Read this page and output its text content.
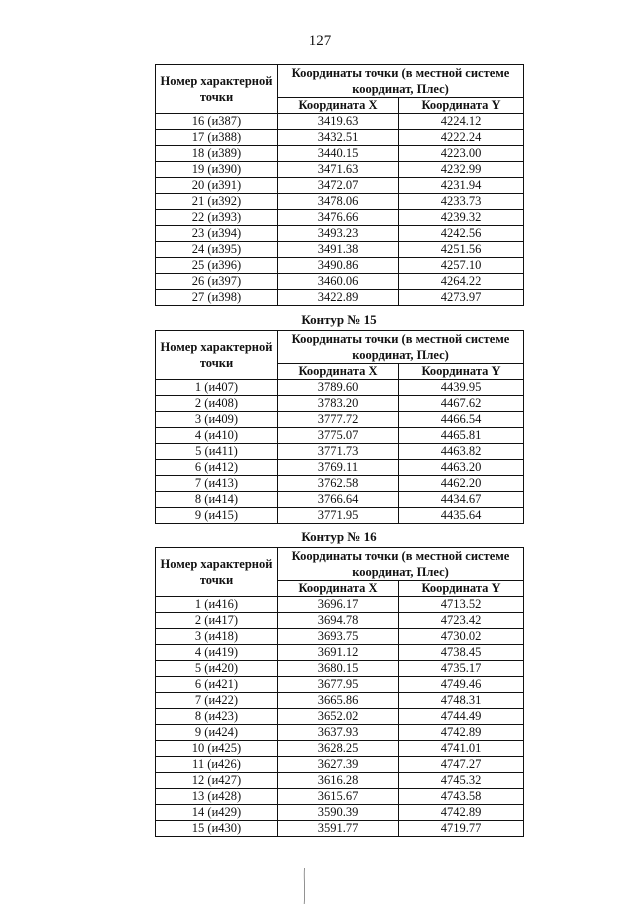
127
Номер характерной точки	Координаты точки (в местной системе координат, Плес)	
	Координата X	Координата Y
16 (и387)	3419.63	4224.12
17 (и388)	3432.51	4222.24
18 (и389)	3440.15	4223.00
19 (и390)	3471.63	4232.99
20 (и391)	3472.07	4231.94
21 (и392)	3478.06	4233.73
22 (и393)	3476.66	4239.32
23 (и394)	3493.23	4242.56
24 (и395)	3491.38	4251.56
25 (и396)	3490.86	4257.10
26 (и397)	3460.06	4264.22
27 (и398)	3422.89	4273.97
Контур № 15
Номер характерной точки	Координаты точки (в местной системе координат, Плес)	
	Координата X	Координата Y
1 (и407)	3789.60	4439.95
2 (и408)	3783.20	4467.62
3 (и409)	3777.72	4466.54
4 (и410)	3775.07	4465.81
5 (и411)	3771.73	4463.82
6 (и412)	3769.11	4463.20
7 (и413)	3762.58	4462.20
8 (и414)	3766.64	4434.67
9 (и415)	3771.95	4435.64
Контур № 16
Номер характерной точки	Координаты точки (в местной системе координат, Плес)	
	Координата X	Координата Y
1 (и416)	3696.17	4713.52
2 (и417)	3694.78	4723.42
3 (и418)	3693.75	4730.02
4 (и419)	3691.12	4738.45
5 (и420)	3680.15	4735.17
6 (и421)	3677.95	4749.46
7 (и422)	3665.86	4748.31
8 (и423)	3652.02	4744.49
9 (и424)	3637.93	4742.89
10 (и425)	3628.25	4741.01
11 (и426)	3627.39	4747.27
12 (и427)	3616.28	4745.32
13 (и428)	3615.67	4743.58
14 (и429)	3590.39	4742.89
15 (и430)	3591.77	4719.77
